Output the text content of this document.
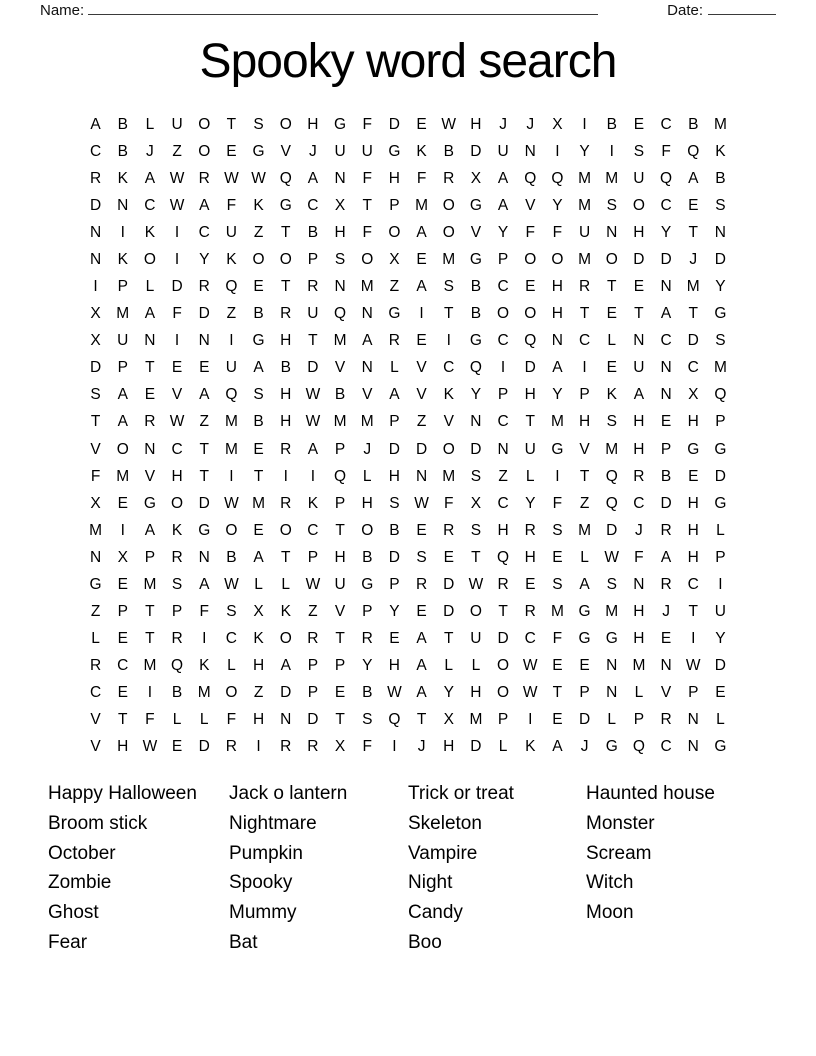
Name:	Date:
Spooky word search
A	B	L	U	O	T	S	O	H	G	F	D	E W H	J	J	X	I	B	E	C	B	M
C	B	J	Z	O	E	G	V	J	U	U	G	K	B	D	U	N	I	Y	I	S	F	Q	K
R	K	A W R W W Q	A	N	F	H	F	R	X	A	Q Q M M U	Q	A	B
D	N	C W A	F	K	G	C	X	T	P	M O G	A	V	Y	M	S	O	C	E	S
N	I	K	I	C	U	Z	T	B	H	F	O	A	O	V	Y	F	F	U	N	H	Y	T	N
N	K	O	I	Y	K	O O	P	S	O	X	E	M G	P	O O M O	D	D	J	D
I	P	L	D	R	Q	E	T	R	N M	Z	A	S	B	C	E	H	R	T	E	N M	Y
X	M	A	F	D	Z	B	R	U	Q	N	G	I	T	B	O O	H	T	E	T	A	T	G
X	U	N	I	N	I	G	H	T	M	A	R	E	I	G	C	Q	N	C	L	N	C	D	S
D	P	T	E	E	U	A	B	D	V	N	L	V	C	Q	I	D	A	I	E	U	N	C M
S	A	E	V	A	Q	S	H W B	V	A	V	K	Y	P	H	Y	P	K	A	N	X	Q
T	A	R W Z	M	B	H W M M	P	Z	V	N	C	T	M H	S	H	E	H	P
V	O	N	C	T	M	E	R	A	P	J	D	D	O	D	N	U	G	V	M H	P	G G
F	M	V	H	T	I	T	I	I	Q	L	H	N M	S	Z	L	I	T	Q	R	B	E	D
X	E	G O	D W M R	K	P	H	S W F	X	C	Y	F	Z	Q	C	D	H	G
M	I	A	K	G O	E	O	C	T	O	B	E	R	S	H	R	S	M D	J	R	H	L
N	X	P	R	N	B	A	T	P	H	B	D	S	E	T	Q	H	E	L	W F	A	H	P
G	E	M	S	A W	L	L	W U	G	P	R	D W R	E	S	A	S	N	R	C	I
Z	P	T	P	F	S	X	K	Z	V	P	Y	E	D	O	T	R M G M H	J	T	U
L	E	T	R	I	C	K	O	R	T	R	E	A	T	U	D	C	F	G G	H	E	I	Y
R	C M Q	K	L	H	A	P	P	Y	H	A	L	L	O W E	E	N M N W D
C	E	I	B	M O	Z	D	P	E	B W A	Y	H	O W T	P	N	L	V	P	E
V	T	F	L	L	F	H	N	D	T	S	Q	T	X	M	P	I	E	D	L	P	R	N	L
V	H W E	D	R	I	R	R	X	F	I	J	H	D	L	K	A	J	G Q	C	N	G
Happy Halloween
Broom stick
October
Zombie
Ghost
Fear
Jack o lantern
Nightmare
Pumpkin
Spooky
Mummy
Bat
Trick or treat
Skeleton
Vampire
Night
Candy
Boo
Haunted house
Monster
Scream
Witch
Moon
